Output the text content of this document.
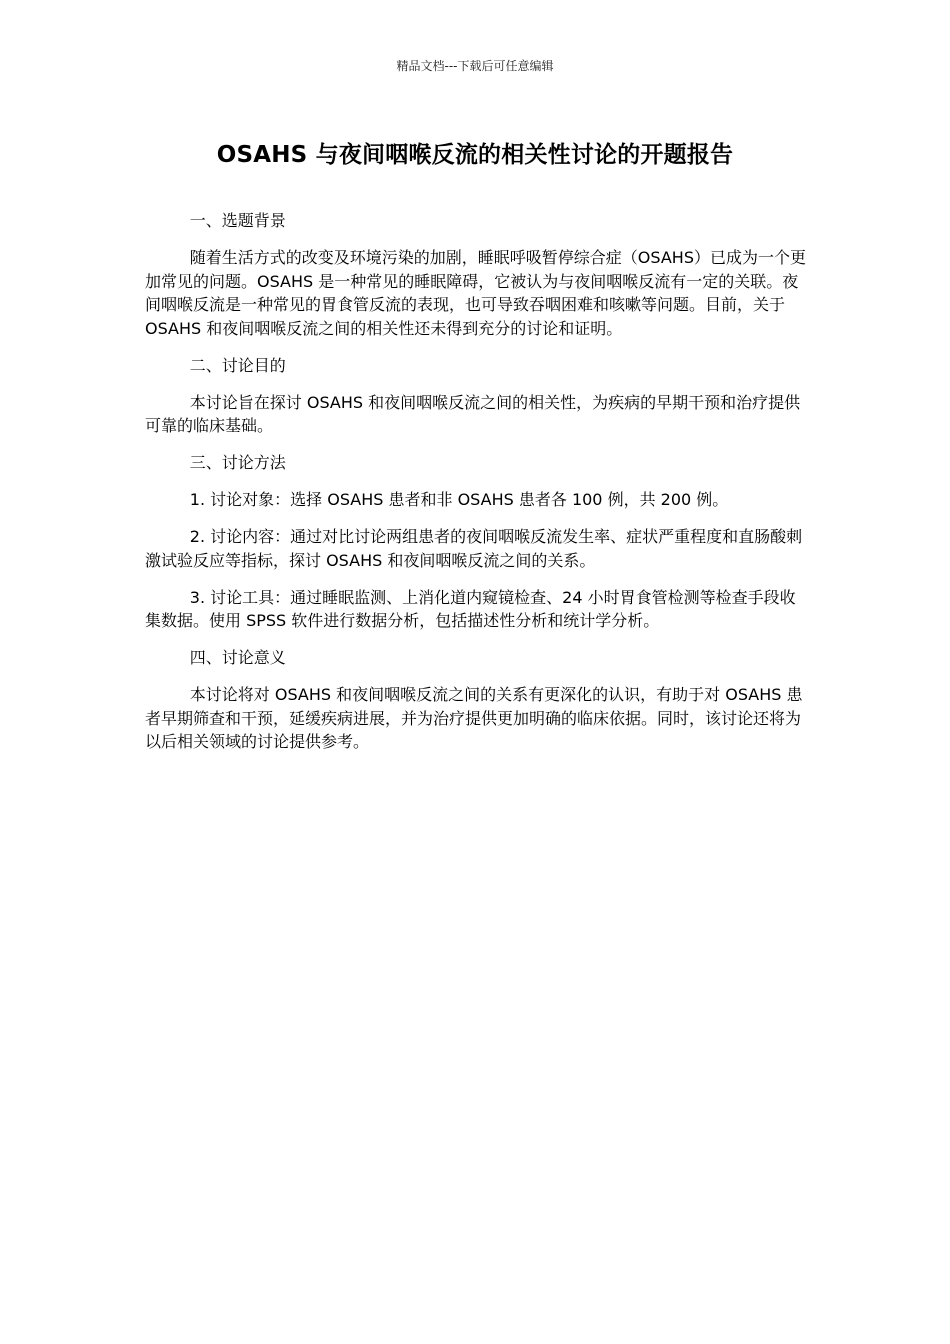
精品文档---下载后可任意编辑
OSAHS 与夜间咽喉反流的相关性讨论的开题报告

一、选题背景

随着生活方式的改变及环境污染的加剧，睡眠呼吸暂停综合症（OSAHS）已成为一个更加常见的问题。OSAHS 是一种常见的睡眠障碍，它被认为与夜间咽喉反流有一定的关联。夜间咽喉反流是一种常见的胃食管反流的表现，也可导致吞咽困难和咳嗽等问题。目前，关于 OSAHS 和夜间咽喉反流之间的相关性还未得到充分的讨论和证明。

二、讨论目的

本讨论旨在探讨 OSAHS 和夜间咽喉反流之间的相关性，为疾病的早期干预和治疗提供可靠的临床基础。

三、讨论方法

1. 讨论对象：选择 OSAHS 患者和非 OSAHS 患者各 100 例，共 200 例。

2. 讨论内容：通过对比讨论两组患者的夜间咽喉反流发生率、症状严重程度和直肠酸刺激试验反应等指标，探讨 OSAHS 和夜间咽喉反流之间的关系。

3. 讨论工具：通过睡眠监测、上消化道内窥镜检查、24 小时胃食管检测等检查手段收集数据。使用 SPSS 软件进行数据分析，包括描述性分析和统计学分析。

四、讨论意义

本讨论将对 OSAHS 和夜间咽喉反流之间的关系有更深化的认识，有助于对 OSAHS 患者早期筛查和干预，延缓疾病进展，并为治疗提供更加明确的临床依据。同时，该讨论还将为以后相关领域的讨论提供参考。
